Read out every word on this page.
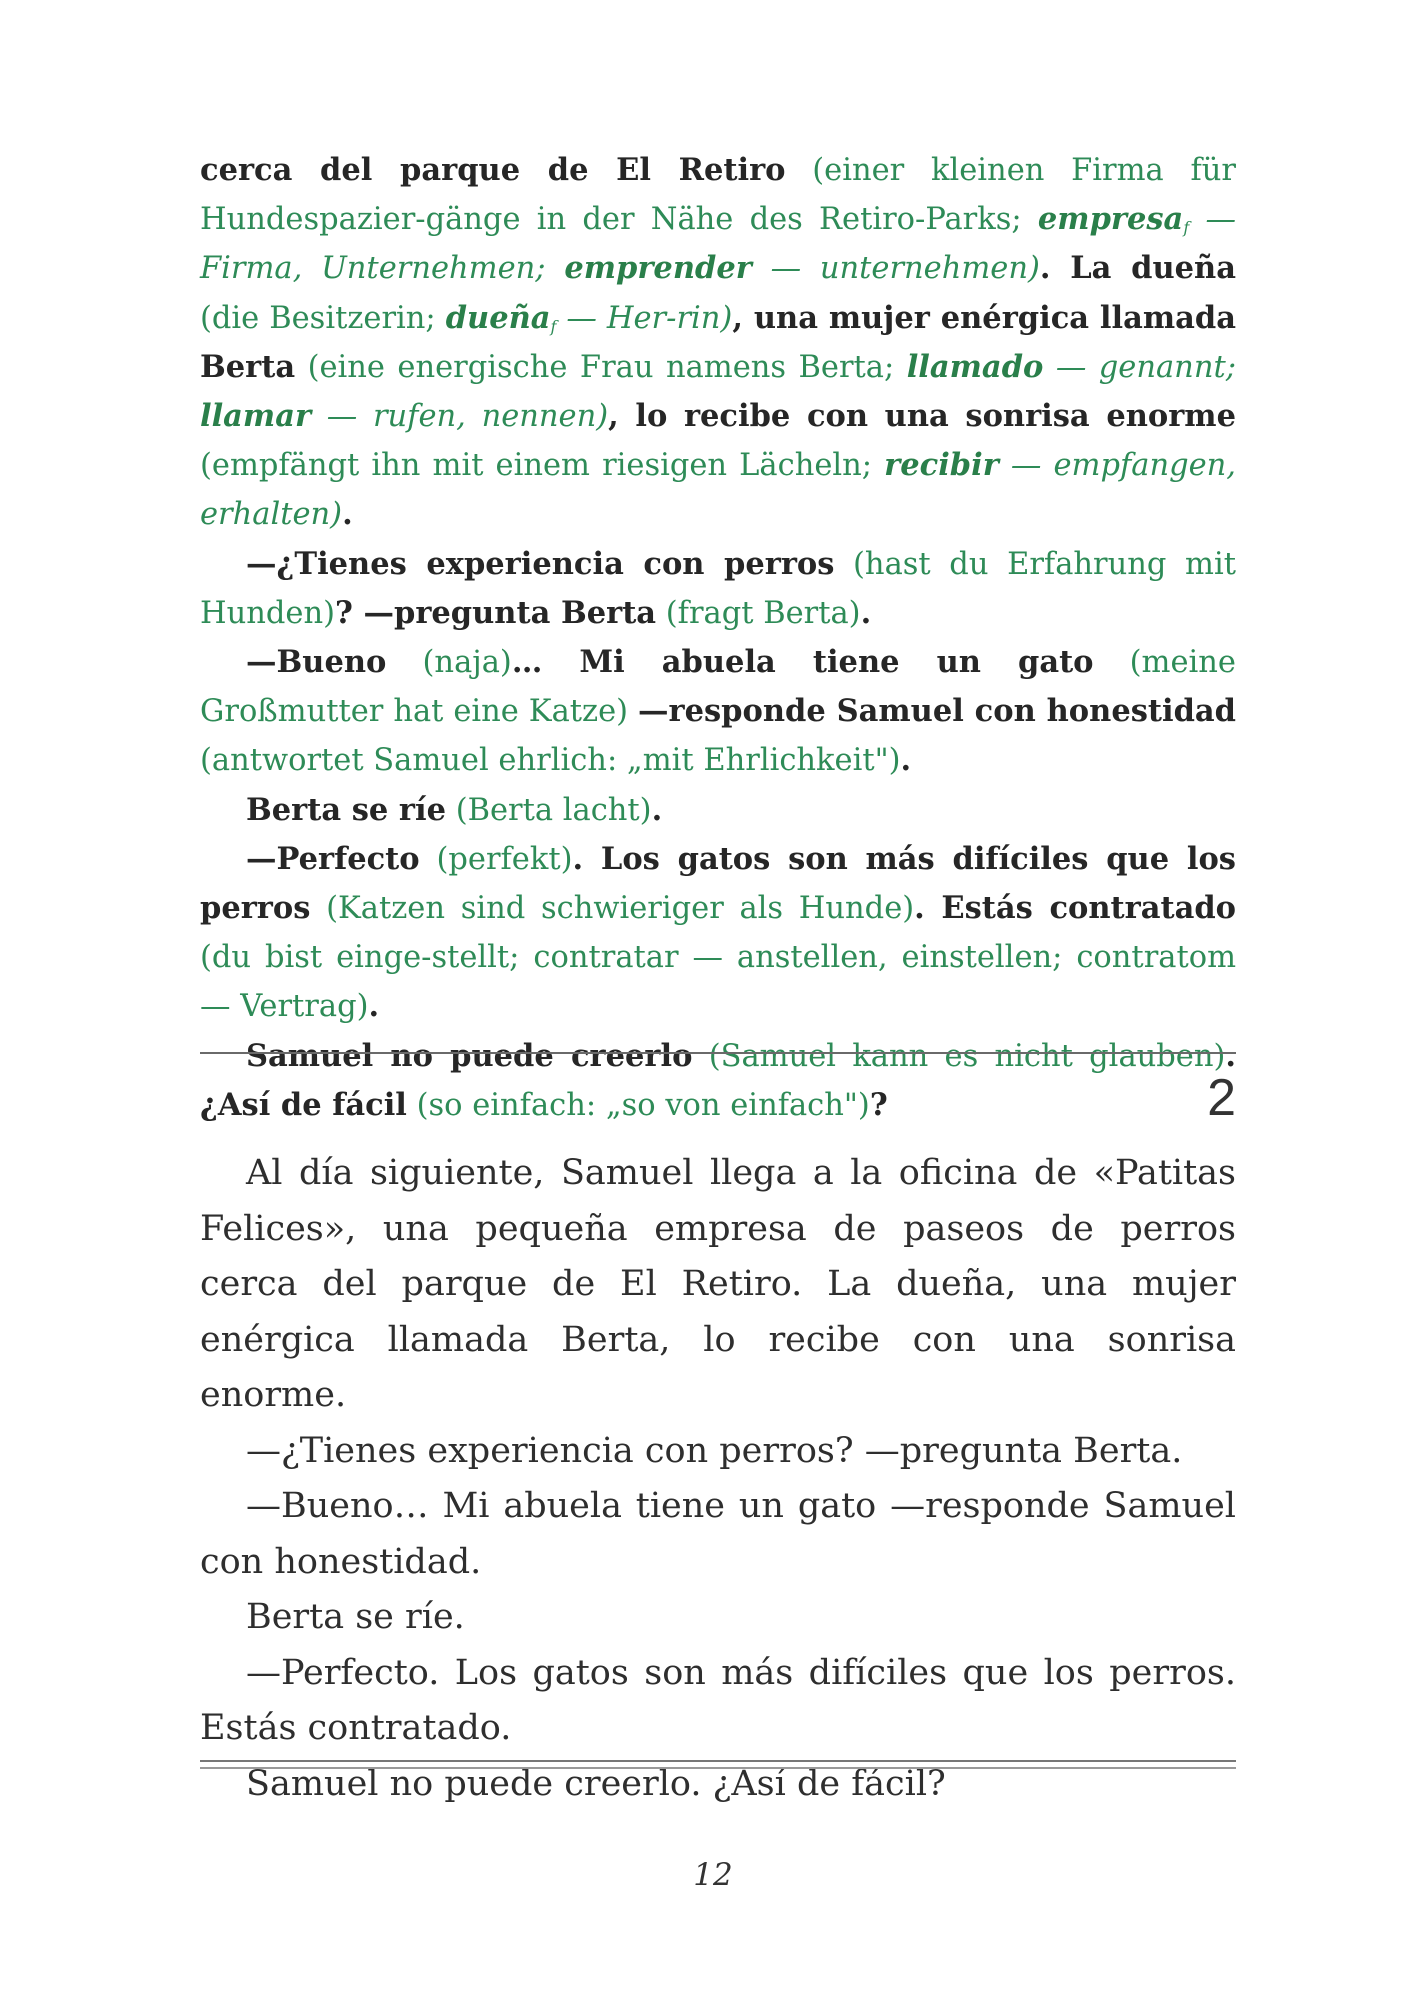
cerca del parque de El Retiro (einer kleinen Firma für Hundespazier-gänge in der Nähe des Retiro-Parks; empresa$_f$ — Firma, Unternehmen; emprender — unternehmen). La dueña (die Besitzerin; dueña$_f$ — Her-rin), una mujer enérgica llamada Berta (eine energische Frau namens Berta; llamado — genannt; llamar — rufen, nennen), lo recibe con una sonrisa enorme (empfängt ihn mit einem riesigen Lächeln; recibir — empfangen, erhalten).

—¿Tienes experiencia con perros (hast du Erfahrung mit Hunden)? —pregunta Berta (fragt Berta).

—Bueno (naja)… Mi abuela tiene un gato (meine Großmutter hat eine Katze) —responde Samuel con honestidad (antwortet Samuel ehrlich: „mit Ehrlichkeit").

Berta se ríe (Berta lacht).

—Perfecto (perfekt). Los gatos son más difíciles que los perros (Katzen sind schwieriger als Hunde). Estás contratado (du bist einge-stellt; contratar — anstellen, einstellen; contratom — Vertrag).

Samuel no puede creerlo (Samuel kann es nicht glauben). ¿Así de fácil (so einfach: „so von einfach")?	2

Al día siguiente, Samuel llega a la oficina de «Patitas Felices», una pequeña empresa de paseos de perros cerca del parque de El Retiro. La dueña, una mujer enérgica llamada Berta, lo recibe con una sonrisa enorme.

—¿Tienes experiencia con perros? —pregunta Berta.

—Bueno… Mi abuela tiene un gato —responde Samuel con honestidad.

Berta se ríe.

—Perfecto. Los gatos son más difíciles que los perros. Estás contratado.

Samuel no puede creerlo. ¿Así de fácil?

12
